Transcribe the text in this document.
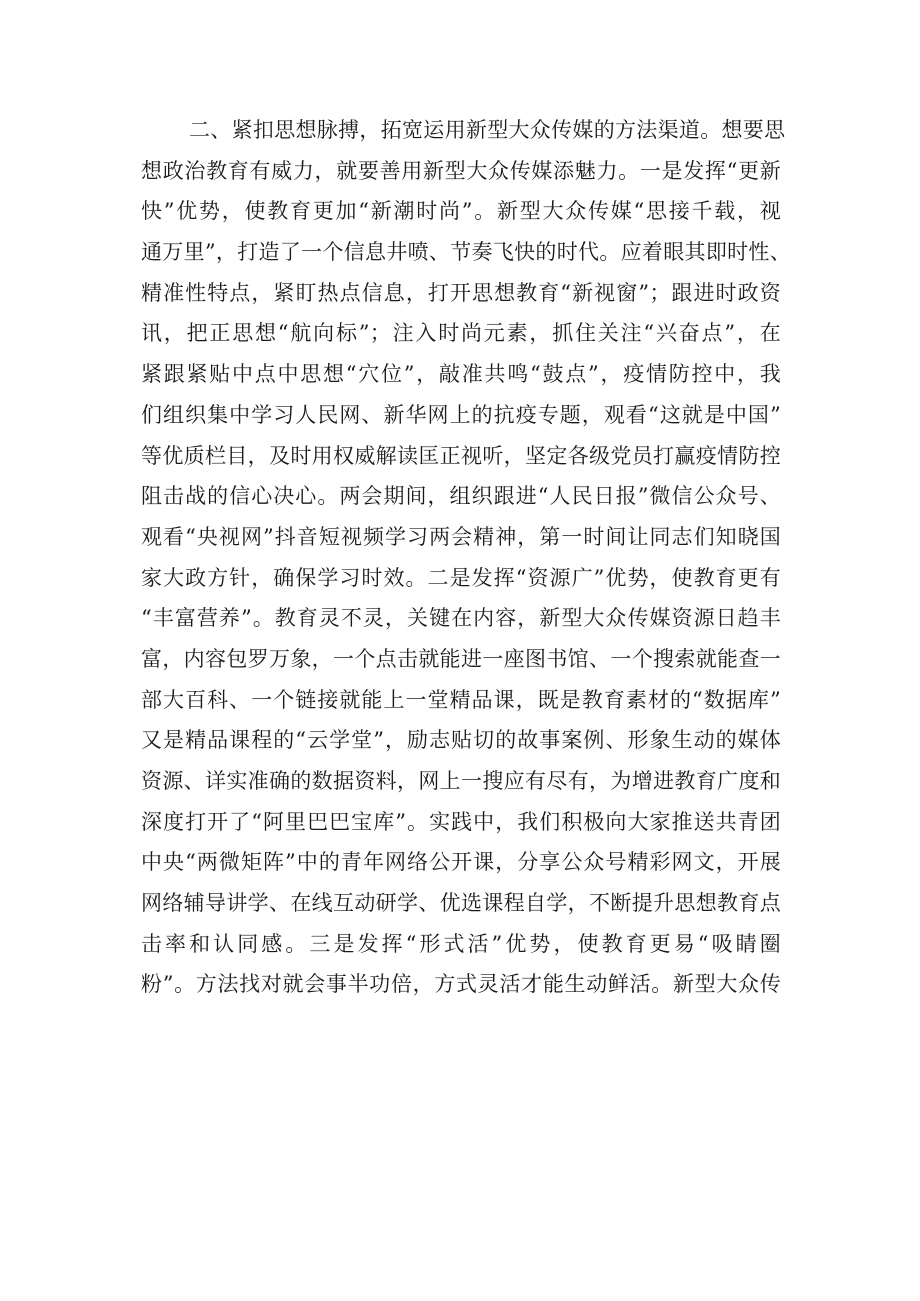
二、紧扣思想脉搏，拓宽运用新型大众传媒的方法渠道。想要思
想政治教育有威力，就要善用新型大众传媒添魅力。一是发挥“更新
快”优势，使教育更加“新潮时尚”。新型大众传媒“思接千载，视
通万里”，打造了一个信息井喷、节奏飞快的时代。应着眼其即时性、
精准性特点，紧盯热点信息，打开思想教育“新视窗”；跟进时政资
讯，把正思想“航向标”；注入时尚元素，抓住关注“兴奋点”，在
紧跟紧贴中点中思想“穴位”，敲准共鸣“鼓点”，疫情防控中，我
们组织集中学习人民网、新华网上的抗疫专题，观看“这就是中国”
等优质栏目，及时用权威解读匡正视听，坚定各级党员打赢疫情防控
阻击战的信心决心。两会期间，组织跟进“人民日报”微信公众号、
观看“央视网”抖音短视频学习两会精神，第一时间让同志们知晓国
家大政方针，确保学习时效。二是发挥“资源广”优势，使教育更有
“丰富营养”。教育灵不灵，关键在内容，新型大众传媒资源日趋丰
富，内容包罗万象，一个点击就能进一座图书馆、一个搜索就能查一
部大百科、一个链接就能上一堂精品课，既是教育素材的“数据库”
又是精品课程的“云学堂”，励志贴切的故事案例、形象生动的媒体
资源、详实准确的数据资料，网上一搜应有尽有，为增进教育广度和
深度打开了“阿里巴巴宝库”。实践中，我们积极向大家推送共青团
中央“两微矩阵”中的青年网络公开课，分享公众号精彩网文，开展
网络辅导讲学、在线互动研学、优选课程自学，不断提升思想教育点
击率和认同感。三是发挥“形式活”优势，使教育更易“吸睛圈
粉”。方法找对就会事半功倍，方式灵活才能生动鲜活。新型大众传
